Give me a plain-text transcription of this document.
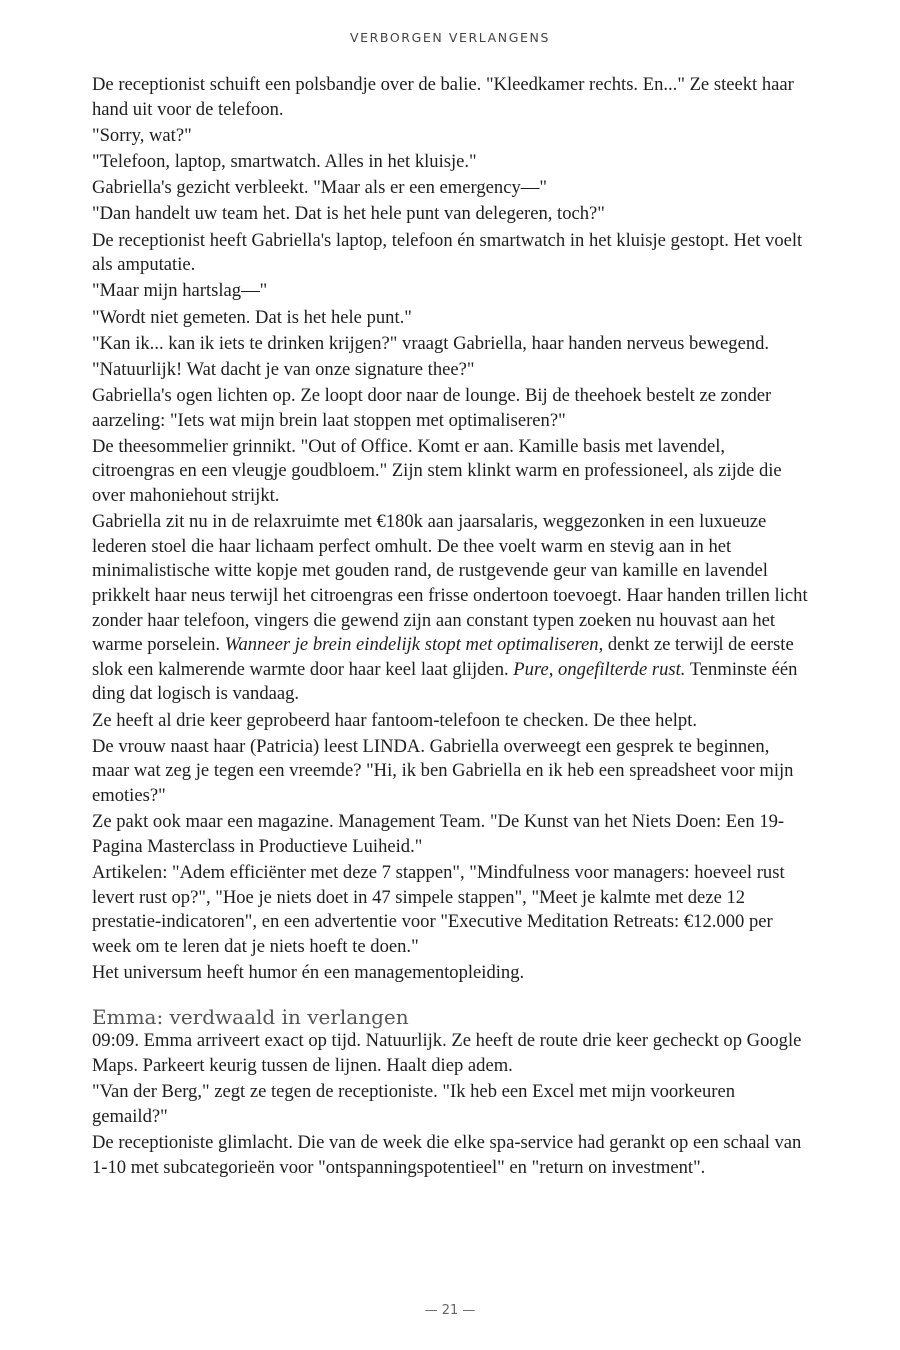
VERBORGEN VERLANGENS

De receptionist schuift een polsbandje over de balie. "Kleedkamer rechts. En..." Ze steekt haar hand uit voor de telefoon.

"Sorry, wat?"

"Telefoon, laptop, smartwatch. Alles in het kluisje."

Gabriella's gezicht verbleekt. "Maar als er een emergency—"

"Dan handelt uw team het. Dat is het hele punt van delegeren, toch?"

De receptionist heeft Gabriella's laptop, telefoon én smartwatch in het kluisje gestopt. Het voelt als amputatie.

"Maar mijn hartslag—"

"Wordt niet gemeten. Dat is het hele punt."

"Kan ik... kan ik iets te drinken krijgen?" vraagt Gabriella, haar handen nerveus bewegend.

"Natuurlijk! Wat dacht je van onze signature thee?"

Gabriella's ogen lichten op. Ze loopt door naar de lounge. Bij de theehoek bestelt ze zonder aarzeling: "Iets wat mijn brein laat stoppen met optimaliseren?"

De theesommelier grinnikt. "Out of Office. Komt er aan. Kamille basis met lavendel, citroengras en een vleugje goudbloem." Zijn stem klinkt warm en professioneel, als zijde die over mahoniehout strijkt.

Gabriella zit nu in de relaxruimte met €180k aan jaarsalaris, weggezonken in een luxueuze lederen stoel die haar lichaam perfect omhult. De thee voelt warm en stevig aan in het minimalistische witte kopje met gouden rand, de rustgevende geur van kamille en lavendel prikkelt haar neus terwijl het citroengras een frisse ondertoon toevoegt. Haar handen trillen licht zonder haar telefoon, vingers die gewend zijn aan constant typen zoeken nu houvast aan het warme porselein. Wanneer je brein eindelijk stopt met optimaliseren, denkt ze terwijl de eerste slok een kalmerende warmte door haar keel laat glijden. Pure, ongefilterde rust. Tenminste één ding dat logisch is vandaag.

Ze heeft al drie keer geprobeerd haar fantoom-telefoon te checken. De thee helpt.

De vrouw naast haar (Patricia) leest LINDA. Gabriella overweegt een gesprek te beginnen, maar wat zeg je tegen een vreemde? "Hi, ik ben Gabriella en ik heb een spreadsheet voor mijn emoties?"

Ze pakt ook maar een magazine. Management Team. "De Kunst van het Niets Doen: Een 19-Pagina Masterclass in Productieve Luiheid."

Artikelen: "Adem efficiënter met deze 7 stappen", "Mindfulness voor managers: hoeveel rust levert rust op?", "Hoe je niets doet in 47 simpele stappen", "Meet je kalmte met deze 12 prestatie-indicatoren", en een advertentie voor "Executive Meditation Retreats: €12.000 per week om te leren dat je niets hoeft te doen."

Het universum heeft humor én een managementopleiding.

Emma: verdwaald in verlangen

09:09. Emma arriveert exact op tijd. Natuurlijk. Ze heeft de route drie keer gecheckt op Google Maps. Parkeert keurig tussen de lijnen. Haalt diep adem.

"Van der Berg," zegt ze tegen de receptioniste. "Ik heb een Excel met mijn voorkeuren gemaild?"

De receptioniste glimlacht. Die van de week die elke spa-service had gerankt op een schaal van 1-10 met subcategorieën voor "ontspanningspotentieel" en "return on investment".

— 21 —
